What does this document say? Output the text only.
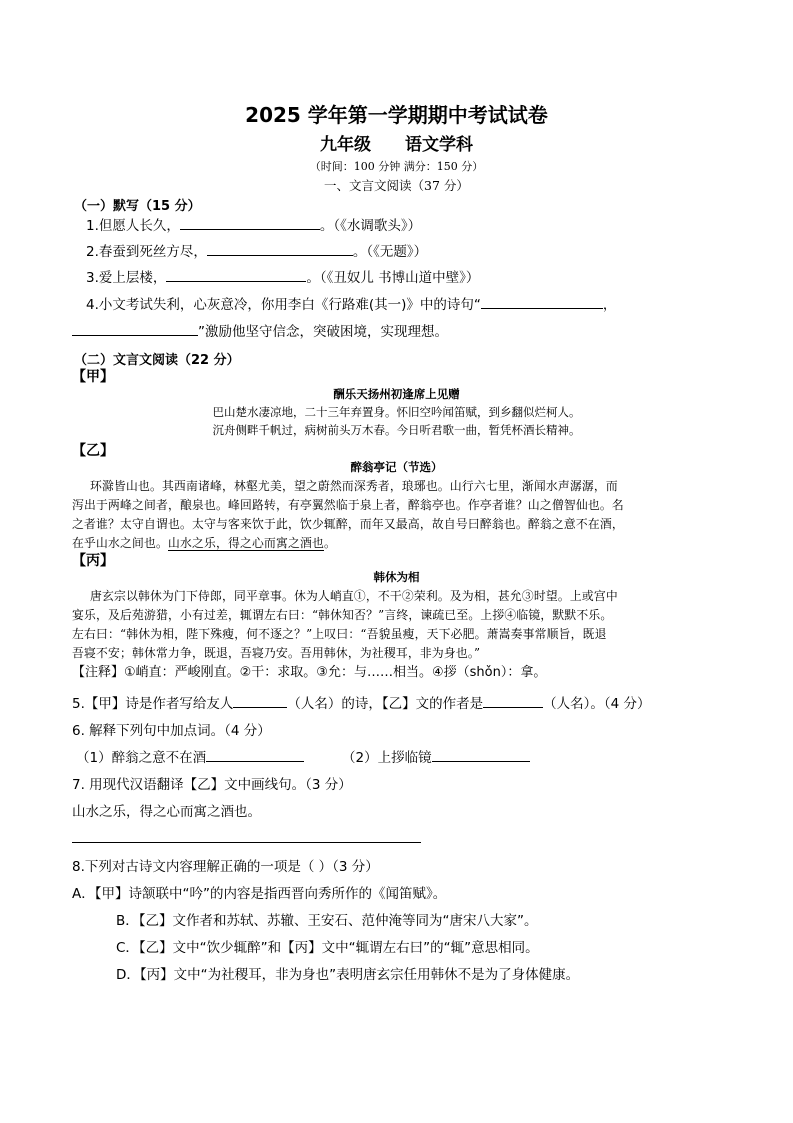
2025 学年第一学期期中考试试卷
九年级 语文学科
（时间：100 分钟 满分：150 分）
一、文言文阅读（37 分）
（一）默写（15 分）
1.但愿人长久，	。（《水调歌头》）
2.春蚕到死丝方尽，	。（《无题》）
3.爱上层楼，	。（《丑奴儿 书博山道中壁》）
4.小文考试失利，心灰意冷，你用李白《行路难(其一)》中的诗句“	，
”激励他坚守信念，突破困境，实现理想。
（二）文言文阅读（22 分）
【甲】
酬乐天扬州初逢席上见赠
巴山楚水凄凉地，二十三年弃置身。怀旧空吟闻笛赋，到乡翻似烂柯人。
沉舟侧畔千帆过，病树前头万木春。今日听君歌一曲，暂凭杯酒长精神。
【乙】
醉翁亭记（节选）
环滁皆山也。其西南诸峰，林壑尤美，望之蔚然而深秀者，琅琊也。山行六七里，渐闻水声潺潺，而
泻出于两峰之间者，酿泉也。峰回路转，有亭翼然临于泉上者，醉翁亭也。作亭者谁？山之僧智仙也。名
之者谁？太守自谓也。太守与客来饮于此，饮少辄醉，而年又最高，故自号曰醉翁也。醉翁之意不在酒，
在乎山水之间也。山水之乐，得之心而寓之酒也。
【丙】
韩休为相
唐玄宗以韩休为门下侍郎，同平章事。休为人峭直①，不干②荣利。及为相，甚允③时望。上或宫中
宴乐，及后苑游猎，小有过差，辄谓左右曰：“韩休知否？”言终，谏疏已至。上拶④临镜，默默不乐。
左右曰：“韩休为相，陛下殊瘦，何不逐之？”上叹曰：“吾貌虽瘦，天下必肥。萧嵩奏事常顺旨，既退
吾寝不安；韩休常力争，既退，吾寝乃安。吾用韩休，为社稷耳，非为身也。”
【注释】①峭直：严峻刚直。②干：求取。③允：与……相当。④拶（shǒn）：拿。
5.【甲】诗是作者写给友人	（人名）的诗，【乙】文的作者是	（人名）。（4 分）
6. 解释下列句中加点词。（4 分）
（1）醉翁之意不在酒	（2）上拶临镜
7. 用现代汉语翻译【乙】文中画线句。（3 分）
山水之乐，得之心而寓之酒也。
8.下列对古诗文内容理解正确的一项是（ ）（3 分）
A．【甲】诗颔联中“吟”的内容是指西晋向秀所作的《闻笛赋》。
B．【乙】文作者和苏轼、苏辙、王安石、范仲淹等同为“唐宋八大家”。
C．【乙】文中“饮少辄醉”和【丙】文中“辄谓左右曰”的“辄”意思相同。
D．【丙】文中“为社稷耳，非为身也”表明唐玄宗任用韩休不是为了身体健康。
